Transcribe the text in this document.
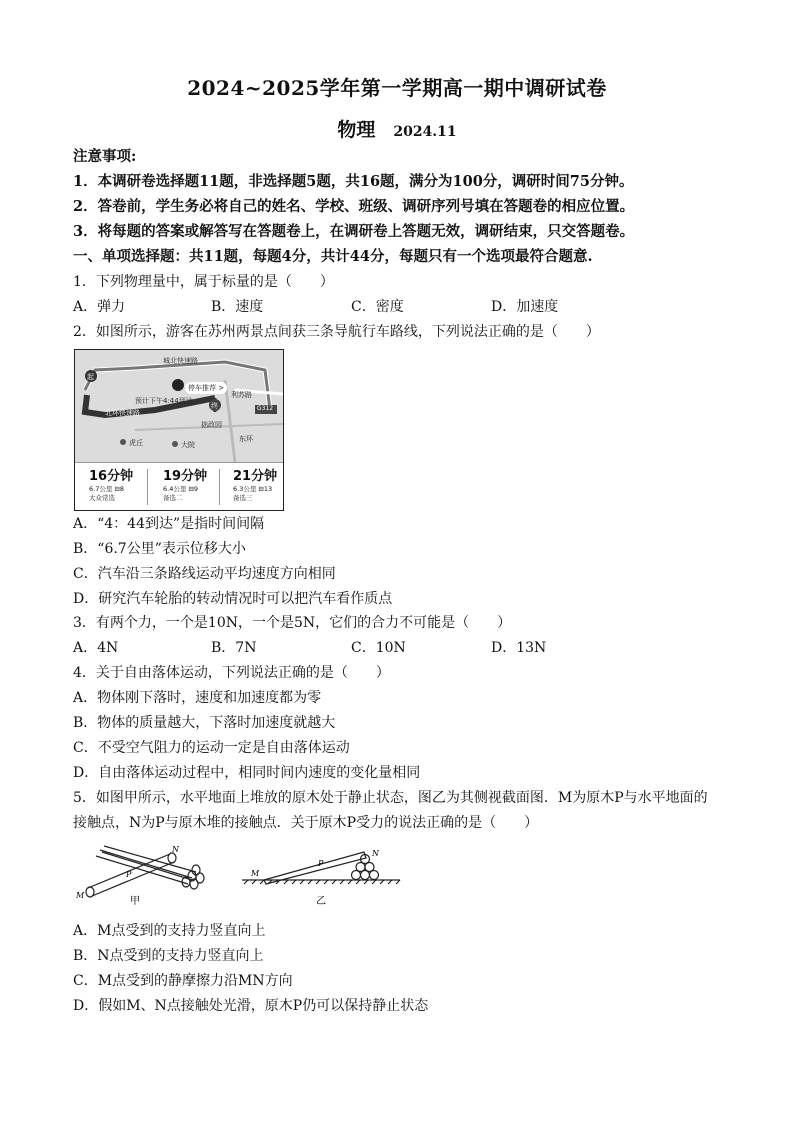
2024~2025学年第一学期高一期中调研试卷
物理 2024.11
注意事项:
1．本调研卷选择题11题，非选择题5题，共16题，满分为100分，调研时间75分钟。
2．答卷前，学生务必将自己的姓名、学校、班级、调研序列号填在答题卷的相应位置。
3．将每题的答案或解答写在答题卷上，在调研卷上答题无效，调研结束，只交答题卷。
一、单项选择题：共11题，每题4分，共计44分，每题只有一个选项最符合题意.
1．下列物理量中，属于标量的是（　　）
A．弹力	B．速度	C．密度	D．加速度
2．如图所示，游客在苏州两景点间获三条导航行车路线，下列说法正确的是（　　）
起
城北快速路
停车推荐 >
预计下午4:44到达
北环快速路
利苏路
终
拙政园
虎丘	大院
东环
G312
16分钟
6.7公里 ⊟8
大众常选
19分钟
6.4公里 ⊟9
备选二
21分钟
6.3公里 ⊟13
备选三
A．“4：44到达”是指时间间隔
B．“6.7公里”表示位移大小
C．汽车沿三条路线运动平均速度方向相同
D．研究汽车轮胎的转动情况时可以把汽车看作质点
3．有两个力，一个是10N，一个是5N，它们的合力不可能是（　　）
A．4N	B．7N	C．10N	D．13N
4．关于自由落体运动，下列说法正确的是（　　）
A．物体刚下落时，速度和加速度都为零
B．物体的质量越大，下落时加速度就越大
C．不受空气阻力的运动一定是自由落体运动
D．自由落体运动过程中，相同时间内速度的变化量相同
5．如图甲所示，水平地面上堆放的原木处于静止状态，图乙为其侧视截面图．M为原木P与水平地面的
接触点，N为P与原木堆的接触点．关于原木P受力的说法正确的是（　　）
P
N
M
甲
M
P
N
乙
A．M点受到的支持力竖直向上
B．N点受到的支持力竖直向上
C．M点受到的静摩擦力沿MN方向
D．假如M、N点接触处光滑，原木P仍可以保持静止状态
